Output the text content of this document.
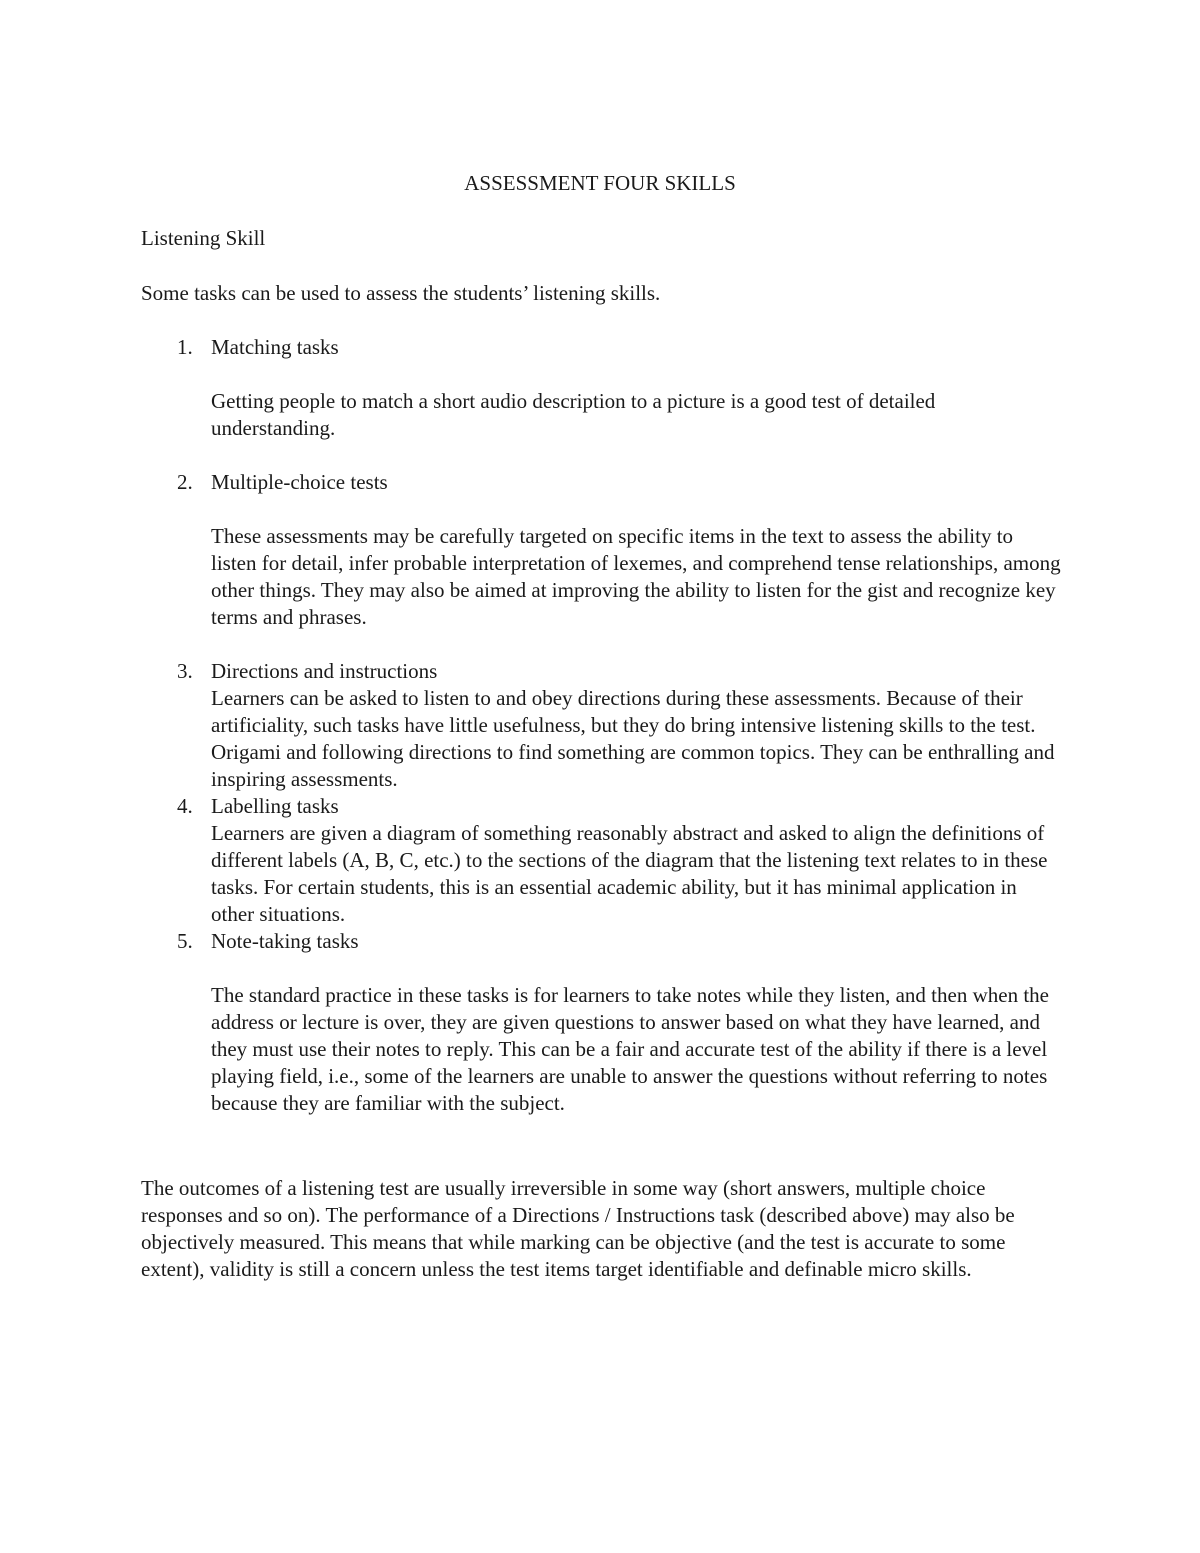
ASSESSMENT FOUR SKILLS
Listening Skill

Some tasks can be used to assess the students’ listening skills.

1. Matching tasks
Getting people to match a short audio description to a picture is a good test of detailed understanding.
2. Multiple-choice tests
These assessments may be carefully targeted on specific items in the text to assess the ability to listen for detail, infer probable interpretation of lexemes, and comprehend tense relationships, among other things. They may also be aimed at improving the ability to listen for the gist and recognize key terms and phrases.
3. Directions and instructions
Learners can be asked to listen to and obey directions during these assessments. Because of their artificiality, such tasks have little usefulness, but they do bring intensive listening skills to the test. Origami and following directions to find something are common topics. They can be enthralling and inspiring assessments.
4. Labelling tasks
Learners are given a diagram of something reasonably abstract and asked to align the definitions of different labels (A, B, C, etc.) to the sections of the diagram that the listening text relates to in these tasks. For certain students, this is an essential academic ability, but it has minimal application in other situations.
5. Note-taking tasks
The standard practice in these tasks is for learners to take notes while they listen, and then when the address or lecture is over, they are given questions to answer based on what they have learned, and they must use their notes to reply. This can be a fair and accurate test of the ability if there is a level playing field, i.e., some of the learners are unable to answer the questions without referring to notes because they are familiar with the subject.

The outcomes of a listening test are usually irreversible in some way (short answers, multiple choice responses and so on). The performance of a Directions / Instructions task (described above) may also be objectively measured. This means that while marking can be objective (and the test is accurate to some extent), validity is still a concern unless the test items target identifiable and definable micro skills.
